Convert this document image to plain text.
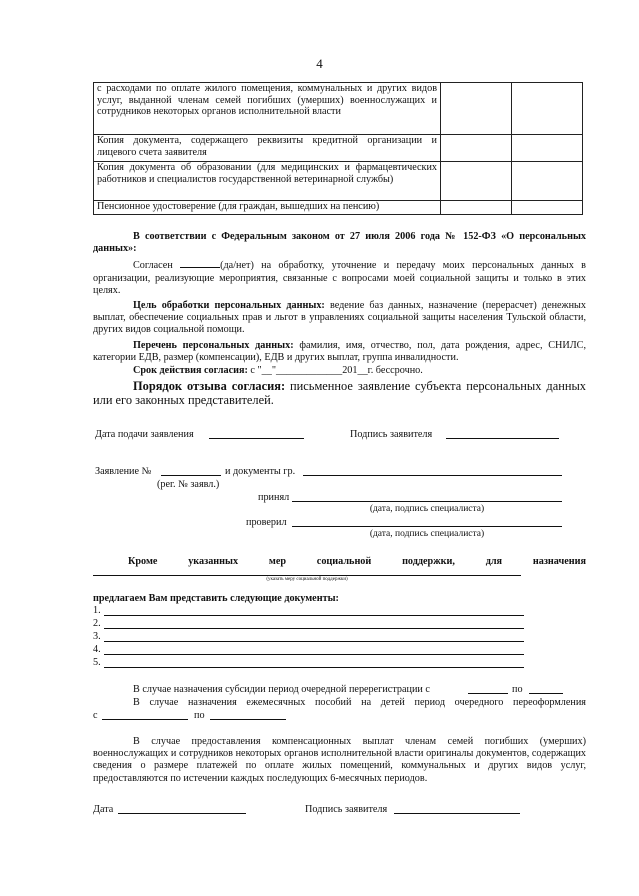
4
с расходами по оплате жилого помещения, коммунальных и других видов услуг, выданной членам семей погибших (умерших) военнослужащих и сотрудников некоторых органов исполнительной власти		
Копия документа, содержащего реквизиты кредитной организации и лицевого счета заявителя		
Копия документа об образовании (для медицинских и фармацевтических работников и специалистов государственной ветеринарной службы)		
Пенсионное удостоверение (для граждан, вышедших на пенсию)		
В соответствии с Федеральным законом от 27 июля 2006 года № 152-ФЗ «О персональных данных»:
Согласен	(да/нет) на обработку, уточнение и передачу моих персональных данных в организации, реализующие мероприятия, связанные с вопросами моей социальной защиты и только в этих целях.
Цель обработки персональных данных: ведение баз данных, назначение (перерасчет) денежных выплат, обеспечение социальных прав и льгот в управлениях социальной защиты населения Тульской области, других видов социальной помощи.
Перечень персональных данных: фамилия, имя, отчество, пол, дата рождения, адрес, СНИЛС, категории ЕДВ, размер (компенсации), ЕДВ и других выплат, группа инвалидности.
Срок действия согласия: с "__"_____________201__г. бессрочно.
Порядок отзыва согласия: письменное заявление субъекта персональных данных или его законных представителей.
Дата подачи заявления	Подпись заявителя
Заявление №	и документы гр.
(рег. № заявл.)
принял
(дата, подпись специалиста)
проверил
(дата, подпись специалиста)
Кроме	указанных	мер	социальной	поддержки,	для	назначения
(указать меру социальной поддержки)
предлагаем Вам представить следующие документы:
1.
2.
3.
4.
5.
В случае назначения субсидии период очередной перерегистрации с	по
В случае назначения ежемесячных пособий на детей период очередного переоформления
с	по
В случае предоставления компенсационных выплат членам семей погибших (умерших) военнослужащих и сотрудников некоторых органов исполнительной власти оригиналы документов, содержащих сведения о размере платежей по оплате жилых помещений, коммунальных и других видов услуг, предоставляются по истечении каждых последующих 6-месячных периодов.
Дата	Подпись заявителя
